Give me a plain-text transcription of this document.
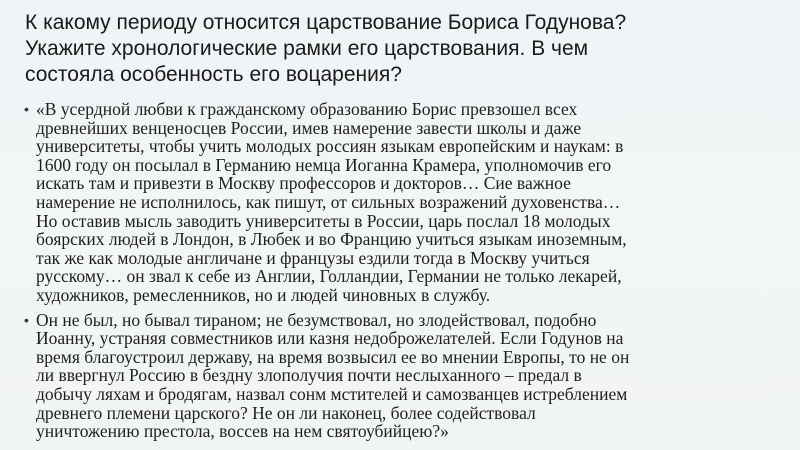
К какому периоду относится царствование Бориса Годунова?
Укажите хронологические рамки его царствования. В чем
состояла особенность его воцарения?
• «В усердной любви к гражданскому образованию Борис превзошел всех
древнейших венценосцев России, имев намерение завести школы и даже
университеты, чтобы учить молодых россиян языкам европейским и наукам: в
1600 году он посылал в Германию немца Иоганна Крамера, уполномочив его
искать там и привезти в Москву профессоров и докторов… Сие важное
намерение не исполнилось, как пишут, от сильных возражений духовенства…
Но оставив мысль заводить университеты в России, царь послал 18 молодых
боярских людей в Лондон, в Любек и во Францию учиться языкам иноземным,
так же как молодые англичане и французы ездили тогда в Москву учиться
русскому… он звал к себе из Англии, Голландии, Германии не только лекарей,
художников, ремесленников, но и людей чиновных в службу.
• Он не был, но бывал тираном; не безумствовал, но злодействовал, подобно
Иоанну, устраняя совместников или казня недоброжелателей. Если Годунов на
время благоустроил державу, на время возвысил ее во мнении Европы, то не он
ли ввергнул Россию в бездну злополучия почти неслыханного – предал в
добычу ляхам и бродягам, назвал сонм мстителей и самозванцев истреблением
древнего племени царского? Не он ли наконец, более содействовал
уничтожению престола, воссев на нем святоубийцею?»
